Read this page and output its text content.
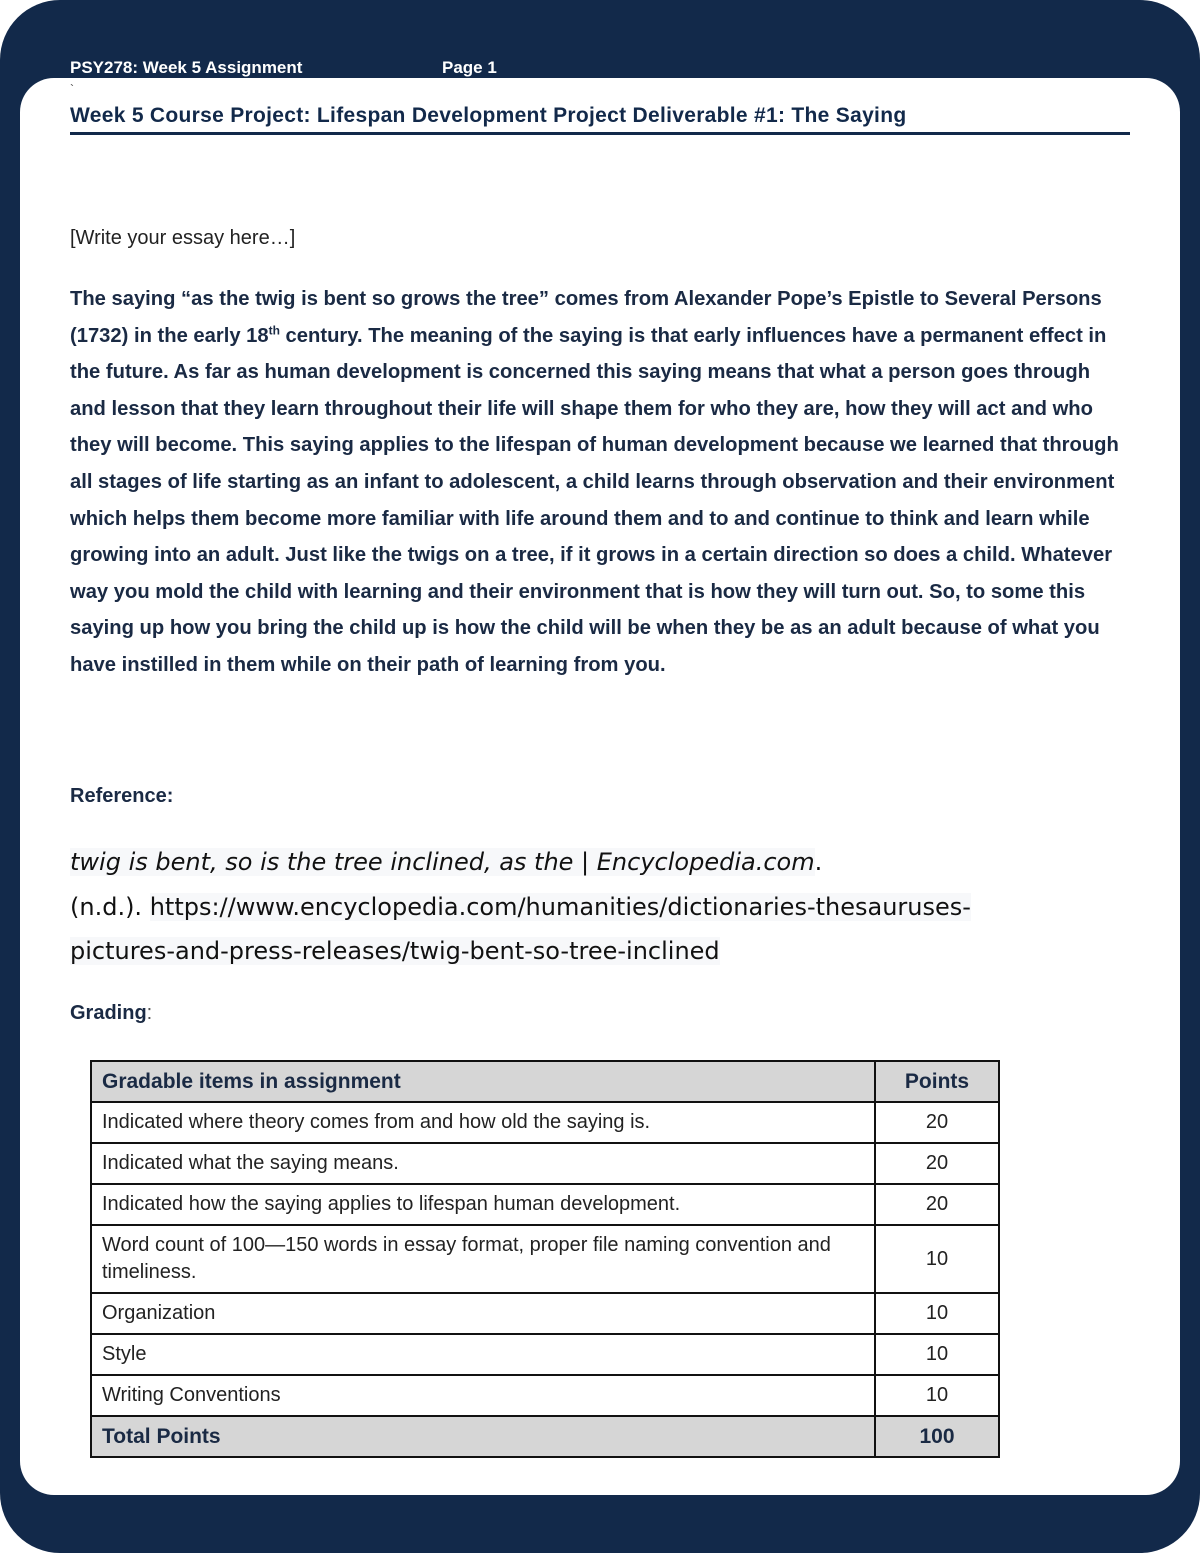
PSY278: Week 5 Assignment	Page 1
`
Week 5 Course Project: Lifespan Development Project Deliverable #1: The Saying
[Write your essay here…]
The saying “as the twig is bent so grows the tree” comes from Alexander Pope’s Epistle to Several Persons (1732) in the early 18th century. The meaning of the saying is that early influences have a permanent effect in the future. As far as human development is concerned this saying means that what a person goes through and lesson that they learn throughout their life will shape them for who they are, how they will act and who they will become. This saying applies to the lifespan of human development because we learned that through all stages of life starting as an infant to adolescent, a child learns through observation and their environment which helps them become more familiar with life around them and to and continue to think and learn while growing into an adult. Just like the twigs on a tree, if it grows in a certain direction so does a child. Whatever way you mold the child with learning and their environment that is how they will turn out. So, to some this saying up how you bring the child up is how the child will be when they be as an adult because of what you have instilled in them while on their path of learning from you.
Reference:
twig is bent, so is the tree inclined, as the | Encyclopedia.com.
(n.d.). https://www.encyclopedia.com/humanities/dictionaries-thesauruses-
pictures-and-press-releases/twig-bent-so-tree-inclined
Grading:
Gradable items in assignment	Points
Indicated where theory comes from and how old the saying is.	20
Indicated what the saying means.	20
Indicated how the saying applies to lifespan human development.	20
Word count of 100—150 words in essay format, proper file naming convention and timeliness.	10
Organization	10
Style	10
Writing Conventions	10
Total Points	100
